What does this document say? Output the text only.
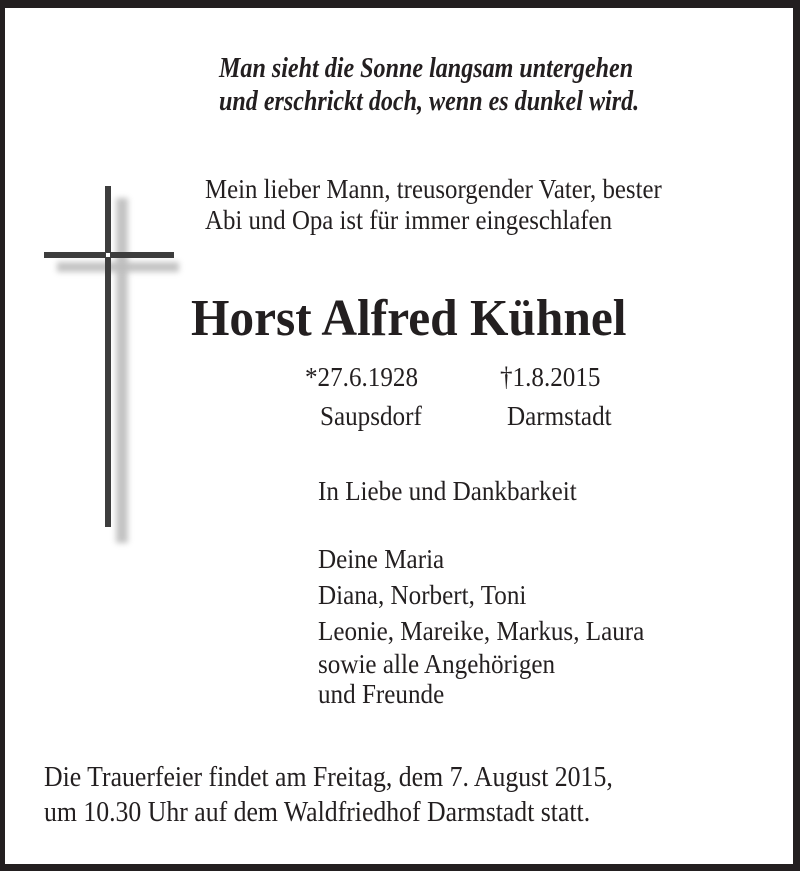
Man sieht die Sonne langsam untergehen
und erschrickt doch, wenn es dunkel wird.
Mein lieber Mann, treusorgender Vater, bester
Abi und Opa ist für immer eingeschlafen
Horst Alfred Kühnel
*27.6.1928	†1.8.2015
Saupsdorf	Darmstadt
In Liebe und Dankbarkeit
Deine Maria
Diana, Norbert, Toni
Leonie, Mareike, Markus, Laura
sowie alle Angehörigen
und Freunde
Die Trauerfeier findet am Freitag, dem 7. August 2015,
um 10.30 Uhr auf dem Waldfriedhof Darmstadt statt.
